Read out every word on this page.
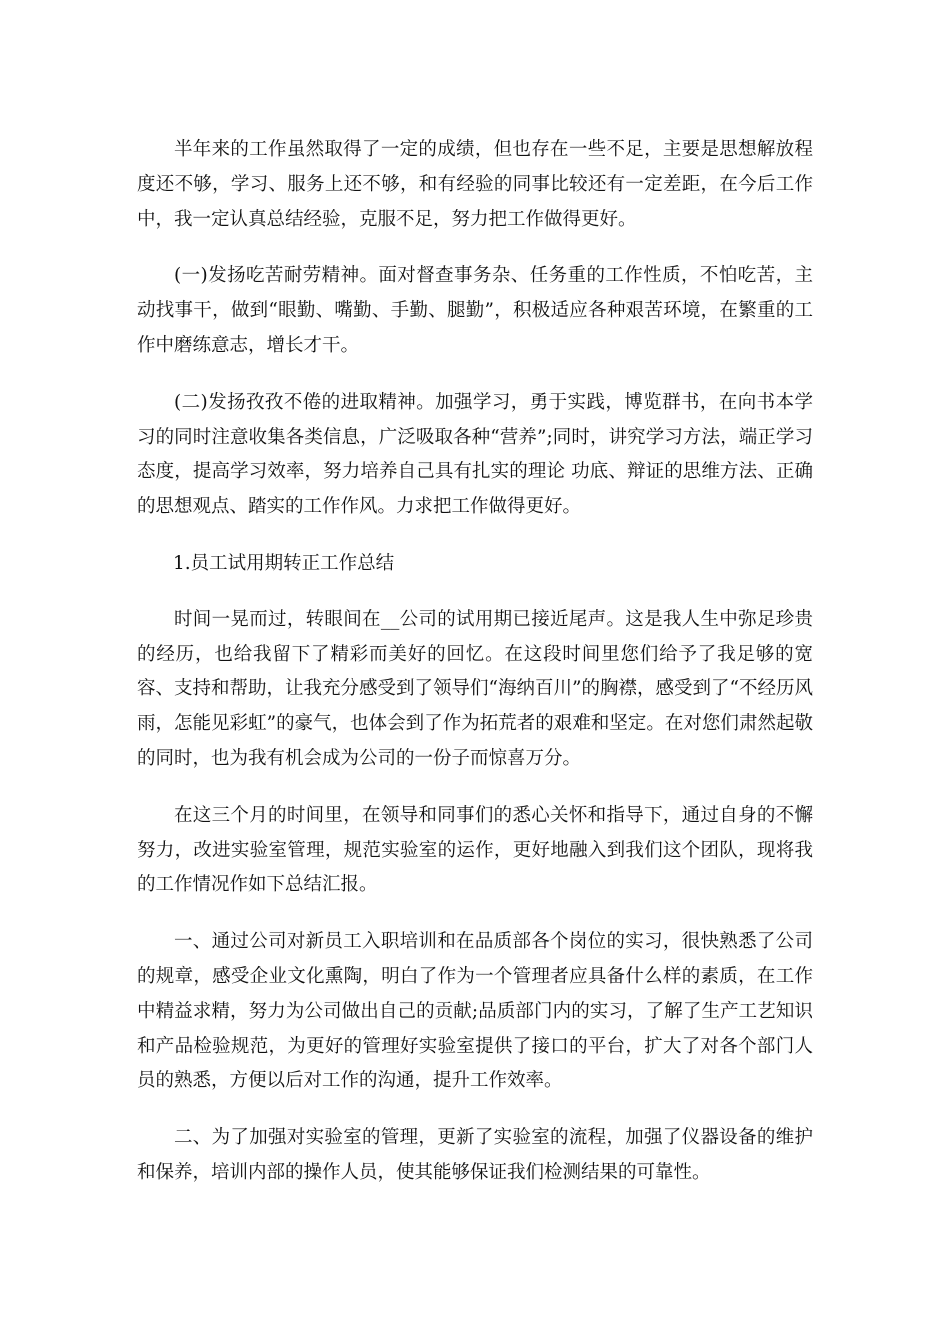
半年来的工作虽然取得了一定的成绩，但也存在一些不足，主要是思想解放程度还不够，学习、服务上还不够，和有经验的同事比较还有一定差距，在今后工作中，我一定认真总结经验，克服不足，努力把工作做得更好。

(一)发扬吃苦耐劳精神。面对督查事务杂、任务重的工作性质，不怕吃苦，主动找事干，做到“眼勤、嘴勤、手勤、腿勤”，积极适应各种艰苦环境，在繁重的工作中磨练意志，增长才干。

(二)发扬孜孜不倦的进取精神。加强学习，勇于实践，博览群书，在向书本学习的同时注意收集各类信息，广泛吸取各种“营养”;同时，讲究学习方法，端正学习态度，提高学习效率，努力培养自己具有扎实的理论 功底、辩证的思维方法、正确的思想观点、踏实的工作作风。力求把工作做得更好。

1.员工试用期转正工作总结

时间一晃而过，转眼间在__公司的试用期已接近尾声。这是我人生中弥足珍贵的经历，也给我留下了精彩而美好的回忆。在这段时间里您们给予了我足够的宽容、支持和帮助，让我充分感受到了领导们“海纳百川”的胸襟，感受到了“不经历风雨，怎能见彩虹”的豪气，也体会到了作为拓荒者的艰难和坚定。在对您们肃然起敬的同时，也为我有机会成为公司的一份子而惊喜万分。

在这三个月的时间里，在领导和同事们的悉心关怀和指导下，通过自身的不懈努力，改进实验室管理，规范实验室的运作，更好地融入到我们这个团队，现将我的工作情况作如下总结汇报。

一、通过公司对新员工入职培训和在品质部各个岗位的实习，很快熟悉了公司的规章，感受企业文化熏陶，明白了作为一个管理者应具备什么样的素质，在工作中精益求精，努力为公司做出自己的贡献;品质部门内的实习，了解了生产工艺知识和产品检验规范，为更好的管理好实验室提供了接口的平台，扩大了对各个部门人员的熟悉，方便以后对工作的沟通，提升工作效率。

二、为了加强对实验室的管理，更新了实验室的流程，加强了仪器设备的维护和保养，培训内部的操作人员，使其能够保证我们检测结果的可靠性。
